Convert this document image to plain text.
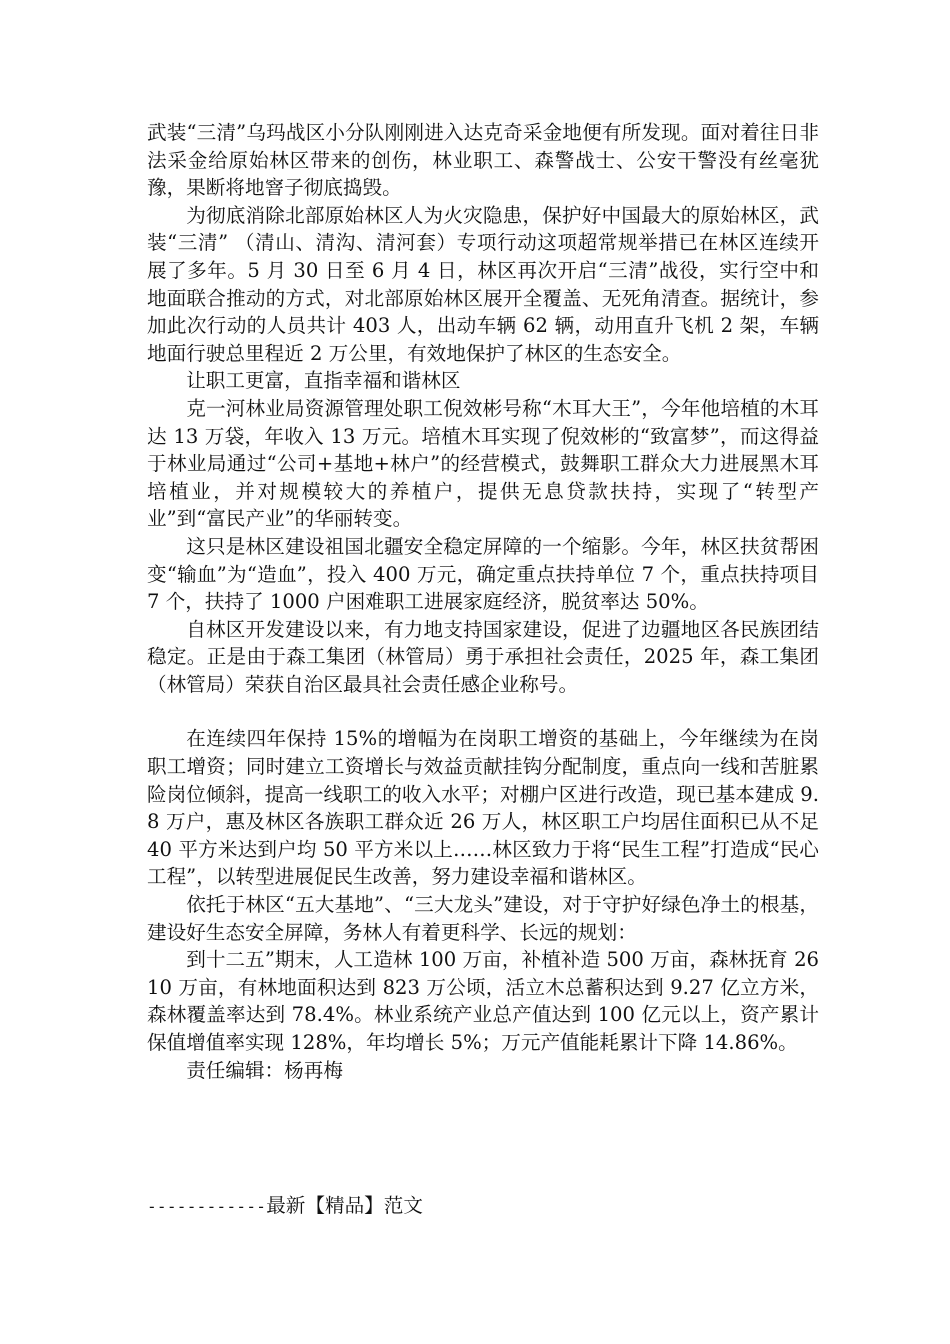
武装“三清”乌玛战区小分队刚刚进入达克奇采金地便有所发现。面对着往日非法采金给原始林区带来的创伤，林业职工、森警战士、公安干警没有丝毫犹豫，果断将地窨子彻底捣毁。

为彻底消除北部原始林区人为火灾隐患，保护好中国最大的原始林区，武装“三清” （清山、清沟、清河套）专项行动这项超常规举措已在林区连续开展了多年。5 月 30 日至 6 月 4 日，林区再次开启“三清”战役，实行空中和地面联合推动的方式，对北部原始林区展开全覆盖、无死角清查。据统计，参加此次行动的人员共计 403 人，出动车辆 62 辆，动用直升飞机 2 架，车辆地面行驶总里程近 2 万公里，有效地保护了林区的生态安全。

让职工更富，直指幸福和谐林区

克一河林业局资源管理处职工倪效彬号称“木耳大王”，今年他培植的木耳达 13 万袋，年收入 13 万元。培植木耳实现了倪效彬的“致富梦”，而这得益于林业局通过“公司+基地+林户”的经营模式，鼓舞职工群众大力进展黑木耳培植业，并对规模较大的养植户，提供无息贷款扶持，实现了“转型产业”到“富民产业”的华丽转变。

这只是林区建设祖国北疆安全稳定屏障的一个缩影。今年，林区扶贫帮困变“输血”为“造血”，投入 400 万元，确定重点扶持单位 7 个，重点扶持项目 7 个，扶持了 1000 户困难职工进展家庭经济，脱贫率达 50%。

自林区开发建设以来，有力地支持国家建设，促进了边疆地区各民族团结稳定。正是由于森工集团（林管局）勇于承担社会责任，2025 年，森工集团（林管局）荣获自治区最具社会责任感企业称号。

在连续四年保持 15%的增幅为在岗职工增资的基础上，今年继续为在岗职工增资；同时建立工资增长与效益贡献挂钩分配制度，重点向一线和苦脏累险岗位倾斜，提高一线职工的收入水平；对棚户区进行改造，现已基本建成 9.8 万户，惠及林区各族职工群众近 26 万人，林区职工户均居住面积已从不足 40 平方米达到户均 50 平方米以上……林区致力于将“民生工程”打造成“民心工程”，以转型进展促民生改善，努力建设幸福和谐林区。

依托于林区“五大基地”、“三大龙头”建设，对于守护好绿色净土的根基，建设好生态安全屏障，务林人有着更科学、长远的规划：

到十二五”期末，人工造林 100 万亩，补植补造 500 万亩，森林抚育 2610 万亩，有林地面积达到 823 万公顷，活立木总蓄积达到 9.27 亿立方米，森林覆盖率达到 78.4%。林业系统产业总产值达到 100 亿元以上，资产累计保值增值率实现 128%，年均增长 5%；万元产值能耗累计下降 14.86%。

责任编辑：杨再梅

------------最新【精品】范文
